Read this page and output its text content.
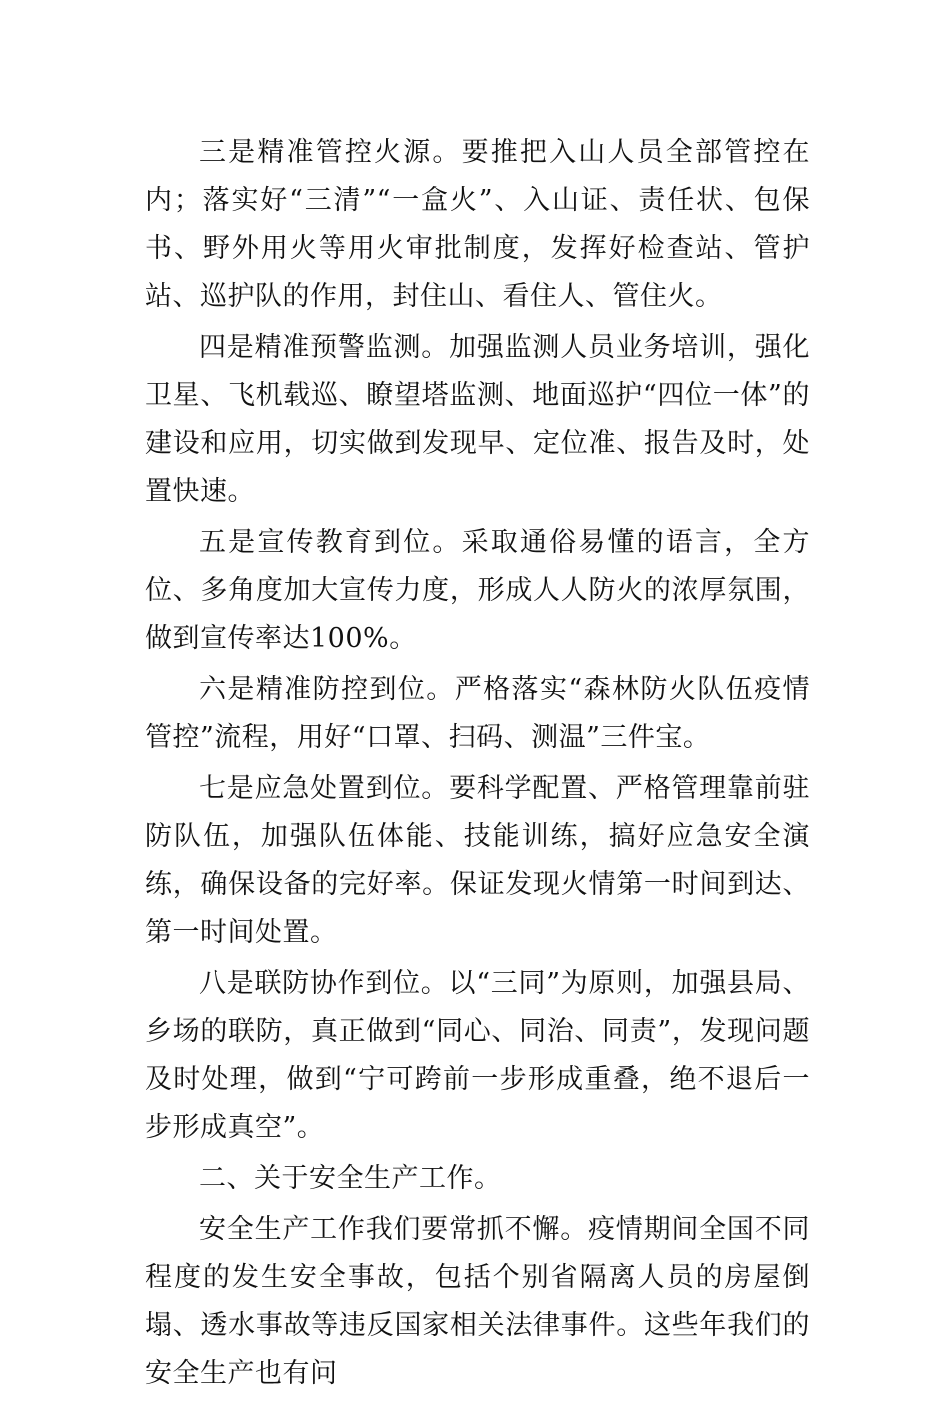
三是精准管控火源。要推把入山人员全部管控在内；落实好“三清”“一盒火”、入山证、责任状、包保书、野外用火等用火审批制度，发挥好检查站、管护站、巡护队的作用，封住山、看住人、管住火。

四是精准预警监测。加强监测人员业务培训，强化卫星、飞机载巡、瞭望塔监测、地面巡护“四位一体”的建设和应用，切实做到发现早、定位准、报告及时，处置快速。

五是宣传教育到位。采取通俗易懂的语言，全方位、多角度加大宣传力度，形成人人防火的浓厚氛围，做到宣传率达100%。

六是精准防控到位。严格落实“森林防火队伍疫情管控”流程，用好“口罩、扫码、测温”三件宝。

七是应急处置到位。要科学配置、严格管理靠前驻防队伍，加强队伍体能、技能训练，搞好应急安全演练，确保设备的完好率。保证发现火情第一时间到达、第一时间处置。

八是联防协作到位。以“三同”为原则，加强县局、乡场的联防，真正做到“同心、同治、同责”，发现问题及时处理，做到“宁可跨前一步形成重叠，绝不退后一步形成真空”。

二、关于安全生产工作。

安全生产工作我们要常抓不懈。疫情期间全国不同程度的发生安全事故，包括个别省隔离人员的房屋倒塌、透水事故等违反国家相关法律事件。这些年我们的安全生产也有问
